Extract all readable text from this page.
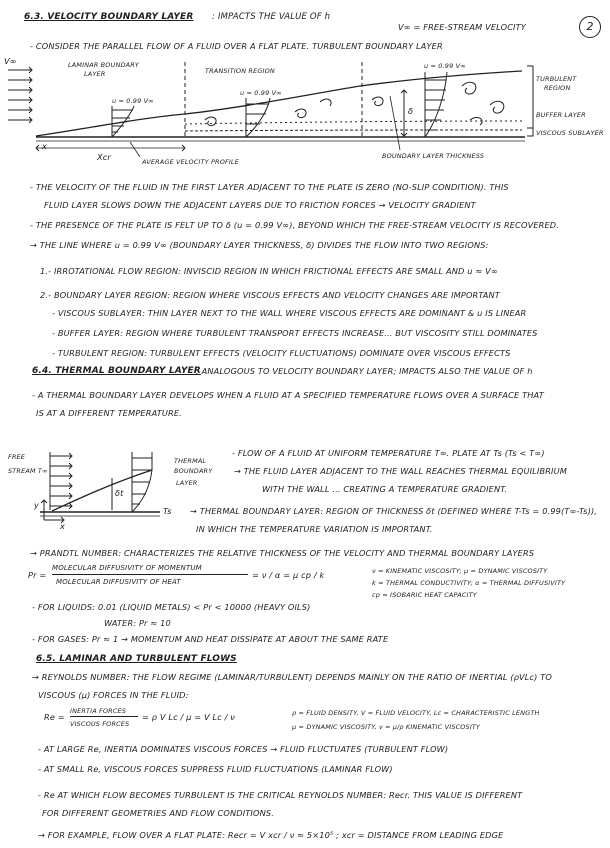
2
6.3. VELOCITY BOUNDARY LAYER : IMPACTS THE VALUE OF h
V∞ = FREE-STREAM VELOCITY
- CONSIDER THE PARALLEL FLOW OF A FLUID OVER A FLAT PLATE. TURBULENT BOUNDARY LAYER
V∞	LAMINAR BOUNDARY
LAYER	TRANSITION REGION
TURBULENT
REGION
BUFFER LAYER
VISCOUS SUBLAYER
u = 0.99 V∞
u = 0.99 V∞
u = 0.99 V∞
δ
x
Xcr	AVERAGE VELOCITY PROFILE
BOUNDARY LAYER THICKNESS
- THE VELOCITY OF THE FLUID IN THE FIRST LAYER ADJACENT TO THE PLATE IS ZERO (NO-SLIP CONDITION). THIS
FLUID LAYER SLOWS DOWN THE ADJACENT LAYERS DUE TO FRICTION FORCES → VELOCITY GRADIENT
- THE PRESENCE OF THE PLATE IS FELT UP TO δ (u = 0.99 V∞), BEYOND WHICH THE FREE-STREAM VELOCITY IS RECOVERED.
→ THE LINE WHERE u = 0.99 V∞ (BOUNDARY LAYER THICKNESS, δ) DIVIDES THE FLOW INTO TWO REGIONS:
1.- IRROTATIONAL FLOW REGION: INVISCID REGION IN WHICH FRICTIONAL EFFECTS ARE SMALL AND u ≈ V∞
2.- BOUNDARY LAYER REGION: REGION WHERE VISCOUS EFFECTS AND VELOCITY CHANGES ARE IMPORTANT
- VISCOUS SUBLAYER: THIN LAYER NEXT TO THE WALL WHERE VISCOUS EFFECTS ARE DOMINANT & u IS LINEAR
- BUFFER LAYER: REGION WHERE TURBULENT TRANSPORT EFFECTS INCREASE... BUT VISCOSITY STILL DOMINATES
- TURBULENT REGION: TURBULENT EFFECTS (VELOCITY FLUCTUATIONS) DOMINATE OVER VISCOUS EFFECTS
6.4. THERMAL BOUNDARY LAYER
: ANALOGOUS TO VELOCITY BOUNDARY LAYER; IMPACTS ALSO THE VALUE OF h
- A THERMAL BOUNDARY LAYER DEVELOPS WHEN A FLUID AT A SPECIFIED TEMPERATURE FLOWS OVER A SURFACE THAT
IS AT A DIFFERENT TEMPERATURE.
FREE
STREAM T∞
THERMAL
BOUNDARY
LAYER
δt
Ts
y
x
- FLOW OF A FLUID AT UNIFORM TEMPERATURE T∞. PLATE AT Ts (Ts < T∞)
→ THE FLUID LAYER ADJACENT TO THE WALL REACHES THERMAL EQUILIBRIUM
WITH THE WALL ... CREATING A TEMPERATURE GRADIENT.
→ THERMAL BOUNDARY LAYER: REGION OF THICKNESS δt (DEFINED WHERE T-Ts = 0.99(T∞-Ts)),
IN WHICH THE TEMPERATURE VARIATION IS IMPORTANT.
→ PRANDTL NUMBER: CHARACTERIZES THE RELATIVE THICKNESS OF THE VELOCITY AND THERMAL BOUNDARY LAYERS
Pr =
MOLECULAR DIFFUSIVITY OF MOMENTUM
MOLECULAR DIFFUSIVITY OF HEAT
= ν / α = μ cp / k	ν = KINEMATIC VISCOSITY; μ = DYNAMIC VISCOSITY
k = THERMAL CONDUCTIVITY; α = THERMAL DIFFUSIVITY
cp = ISOBARIC HEAT CAPACITY
- FOR LIQUIDS: 0.01 (LIQUID METALS) < Pr < 10000 (HEAVY OILS)
WATER: Pr ≈ 10
- FOR GASES: Pr ≈ 1 → MOMENTUM AND HEAT DISSIPATE AT ABOUT THE SAME RATE
6.5. LAMINAR AND TURBULENT FLOWS
→ REYNOLDS NUMBER: THE FLOW REGIME (LAMINAR/TURBULENT) DEPENDS MAINLY ON THE RATIO OF INERTIAL (ρVLc) TO
VISCOUS (μ) FORCES IN THE FLUID:
Re =
INERTIA FORCES
VISCOUS FORCES
= ρ V Lc / μ = V Lc / ν	ρ = FLUID DENSITY, V = FLUID VELOCITY, Lc = CHARACTERISTIC LENGTH
μ = DYNAMIC VISCOSITY, ν = μ/ρ KINEMATIC VISCOSITY
- AT LARGE Re, INERTIA DOMINATES VISCOUS FORCES → FLUID FLUCTUATES (TURBULENT FLOW)
- AT SMALL Re, VISCOUS FORCES SUPPRESS FLUID FLUCTUATIONS (LAMINAR FLOW)
- Re AT WHICH FLOW BECOMES TURBULENT IS THE CRITICAL REYNOLDS NUMBER: Recr. THIS VALUE IS DIFFERENT
FOR DIFFERENT GEOMETRIES AND FLOW CONDITIONS.
→ FOR EXAMPLE, FLOW OVER A FLAT PLATE: Recr = V xcr / ν ≈ 5×10⁵ ; xcr = DISTANCE FROM LEADING EDGE
